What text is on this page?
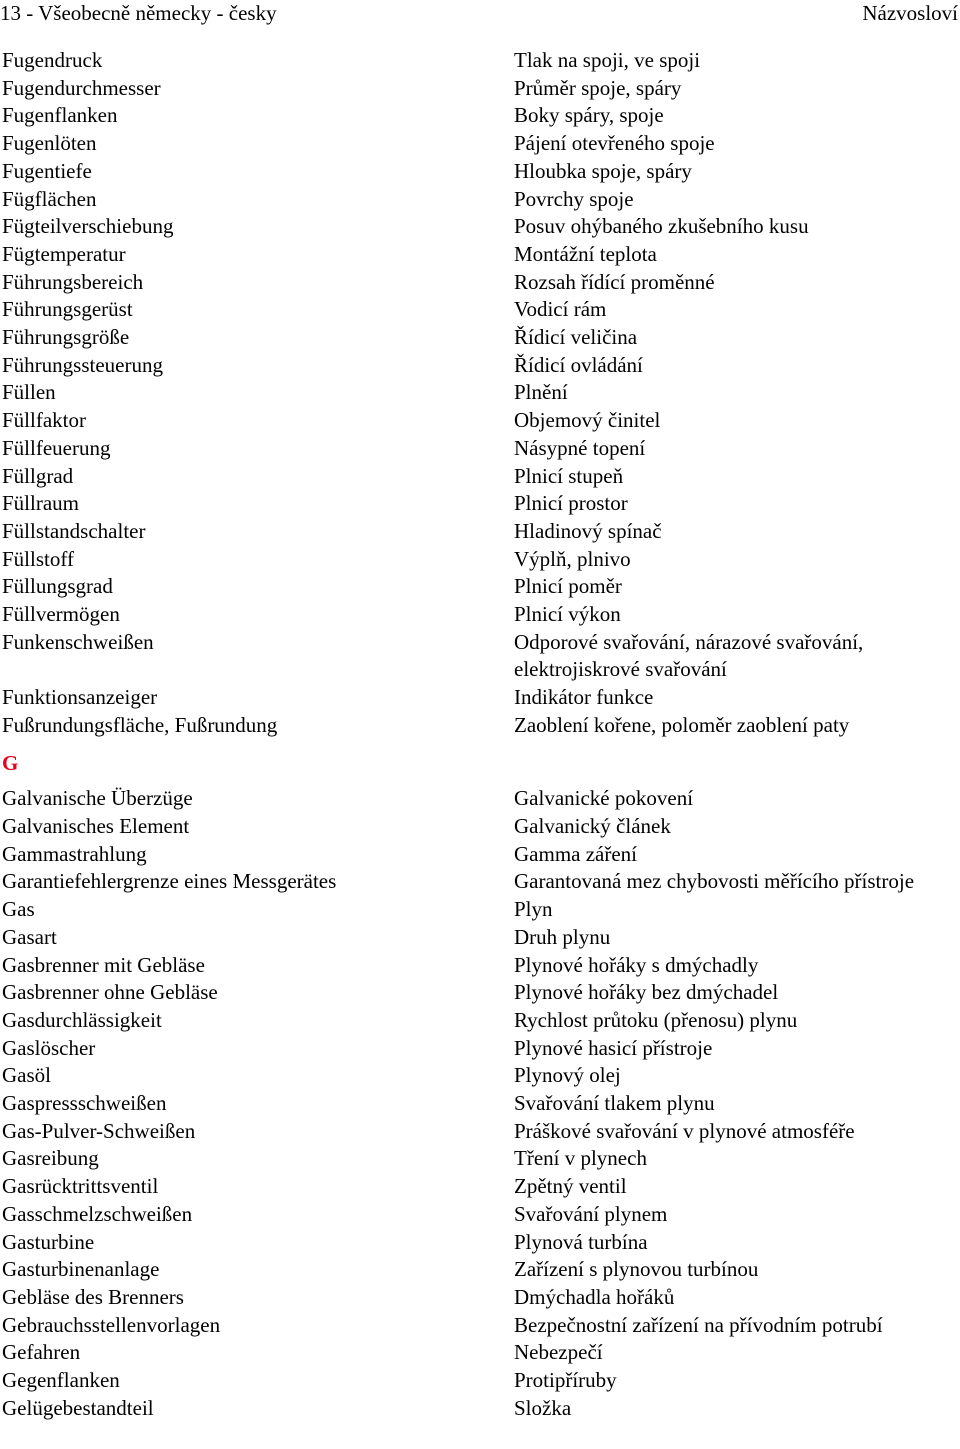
13 - Všeobecně německy - česky	Názvosloví
Fugendruck	Tlak na spoji, ve spoji
Fugendurchmesser	Průměr spoje, spáry
Fugenflanken	Boky spáry, spoje
Fugenlöten	Pájení otevřeného spoje
Fugentiefe	Hloubka spoje, spáry
Fügflächen	Povrchy spoje
Fügteilverschiebung	Posuv ohýbaného zkušebního kusu
Fügtemperatur	Montážní teplota
Führungsbereich	Rozsah řídící proměnné
Führungsgerüst	Vodicí rám
Führungsgröße	Řídicí veličina
Führungssteuerung	Řídicí ovládání
Füllen	Plnění
Füllfaktor	Objemový činitel
Füllfeuerung	Násypné topení
Füllgrad	Plnicí stupeň
Füllraum	Plnicí prostor
Füllstandschalter	Hladinový spínač
Füllstoff	Výplň, plnivo
Füllungsgrad	Plnicí poměr
Füllvermögen	Plnicí výkon
Funkenschweißen	Odporové svařování, nárazové svařování, elektrojiskrové svařování
Funktionsanzeiger	Indikátor funkce
Fußrundungsfläche, Fußrundung	Zaoblení kořene, poloměr zaoblení paty
G
Galvanische Überzüge	Galvanické pokovení
Galvanisches Element	Galvanický článek
Gammastrahlung	Gamma záření
Garantiefehlergrenze eines Messgerätes	Garantovaná mez chybovosti měřícího přístroje
Gas	Plyn
Gasart	Druh plynu
Gasbrenner mit Gebläse	Plynové hořáky s dmýchadly
Gasbrenner ohne Gebläse	Plynové hořáky bez dmýchadel
Gasdurchlässigkeit	Rychlost průtoku (přenosu) plynu
Gaslöscher	Plynové hasicí přístroje
Gasöl	Plynový olej
Gaspressschweißen	Svařování tlakem plynu
Gas-Pulver-Schweißen	Práškové svařování v plynové atmosféře
Gasreibung	Tření v plynech
Gasrücktrittsventil	Zpětný ventil
Gasschmelzschweißen	Svařování plynem
Gasturbine	Plynová turbína
Gasturbinenanlage	Zařízení s plynovou turbínou
Gebläse des Brenners	Dmýchadla hořáků
Gebrauchsstellenvorlagen	Bezpečnostní zařízení na přívodním potrubí
Gefahren	Nebezpečí
Gegenflanken	Protipříruby
Gelügebestandteil	Složka
